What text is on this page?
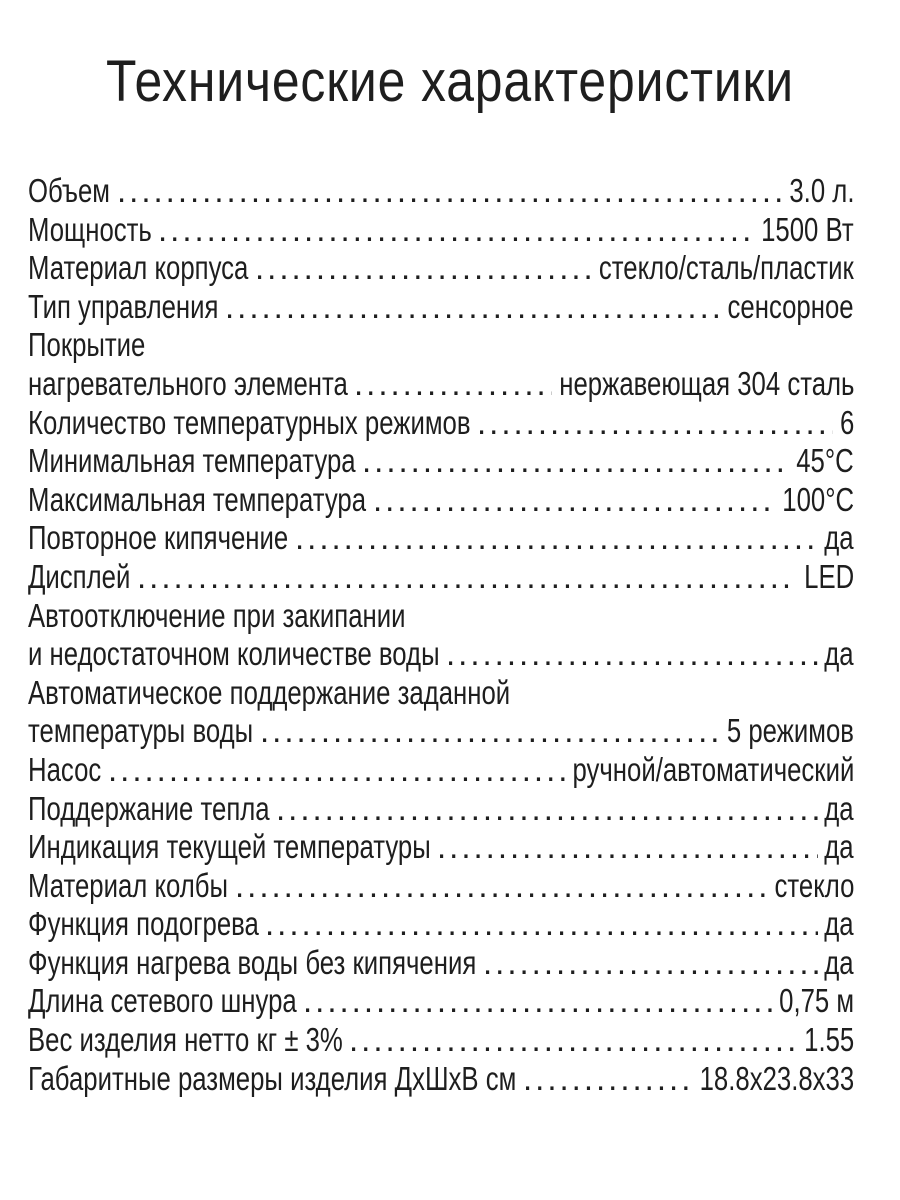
Технические характеристики
Объем .....	3.0 л.
Мощность .....	1500 Вт
Материал корпуса .....	стекло/сталь/пластик
Тип управления .....	сенсорное
Покрытие
нагревательного элемента .....	нержавеющая 304 сталь
Количество температурных режимов .....	6
Минимальная температура .....	45°C
Максимальная температура .....	100°C
Повторное кипячение .....	да
Дисплей .....	LED
Автоотключение при закипании
и недостаточном количестве воды .....	да
Автоматическое поддержание заданной
температуры воды .....	5 режимов
Насос .....	ручной/автоматический
Поддержание тепла .....	да
Индикация текущей температуры .....	да
Материал колбы .....	стекло
Функция подогрева .....	да
Функция нагрева воды без кипячения .....	да
Длина сетевого шнура .....	0,75 м
Вес изделия нетто кг ± 3% .....	1.55
Габаритные размеры изделия ДхШхВ см .....	18.8x23.8x33
